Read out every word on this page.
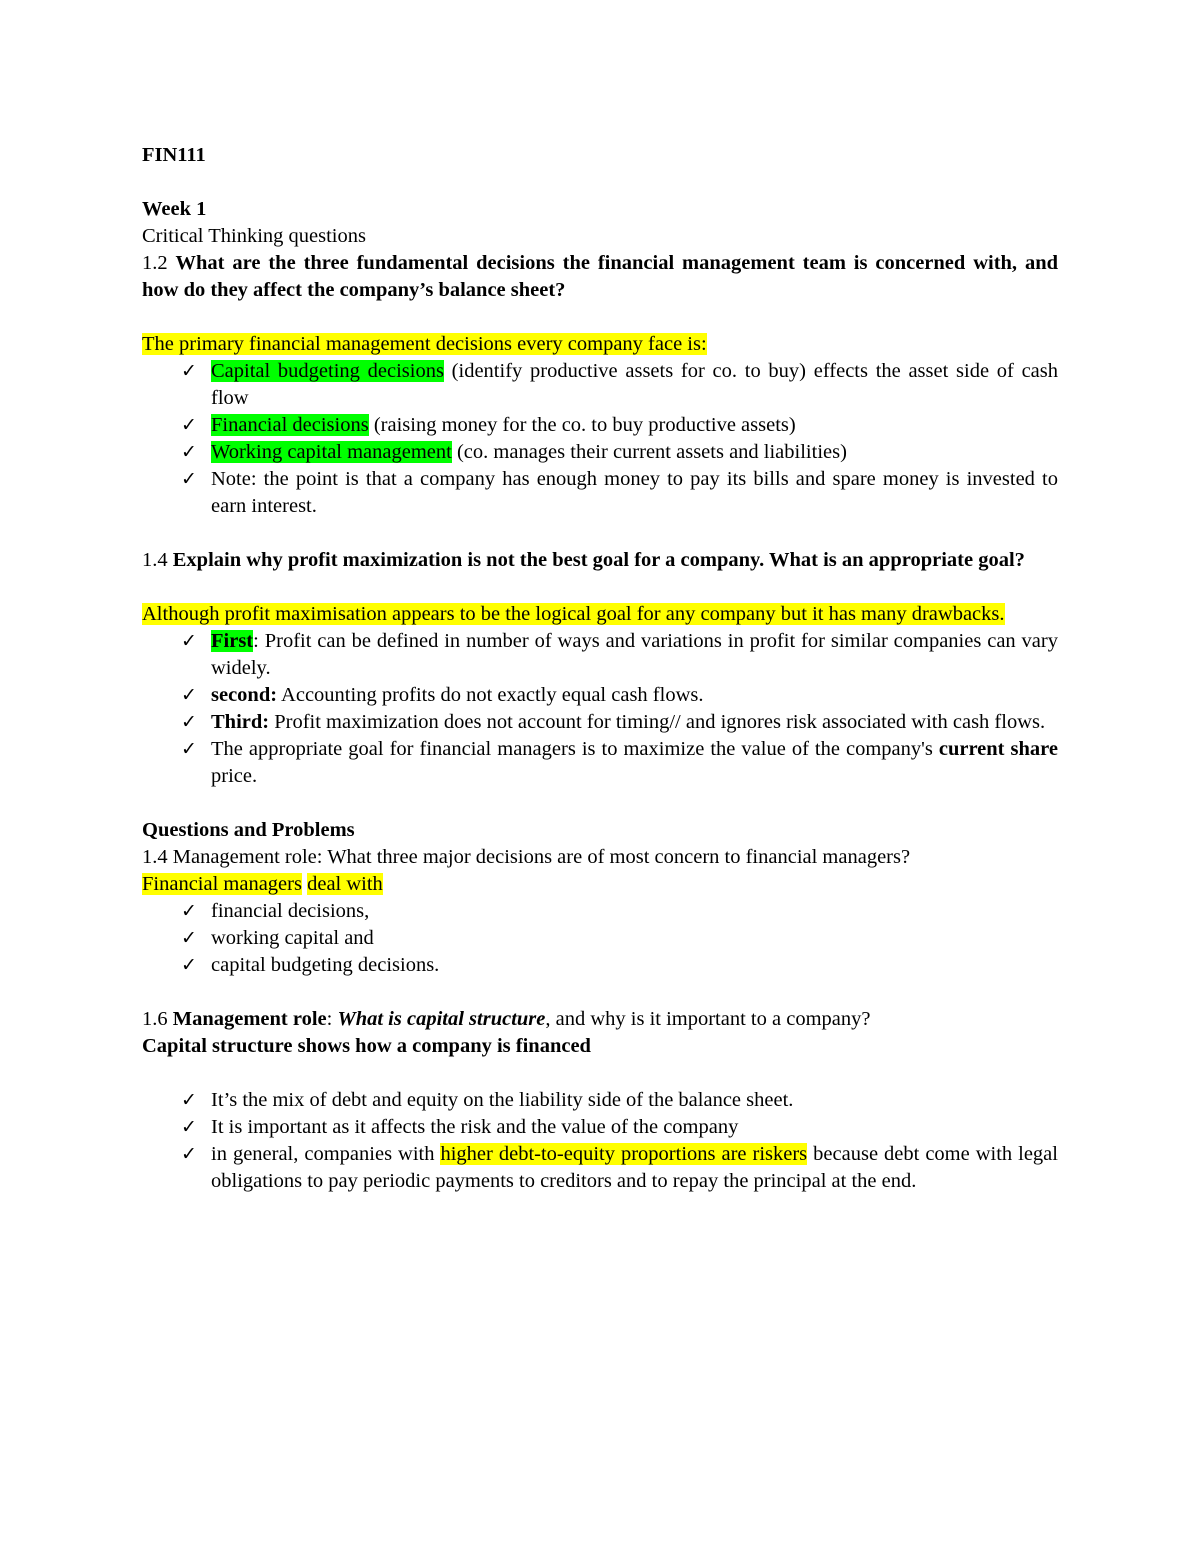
FIN111

Week 1

Critical Thinking questions

1.2 What are the three fundamental decisions the financial management team is concerned with, and how do they affect the company’s balance sheet?

The primary financial management decisions every company face is:

✓ Capital budgeting decisions (identify productive assets for co. to buy) effects the asset side of cash flow
✓ Financial decisions (raising money for the co. to buy productive assets)
✓ Working capital management (co. manages their current assets and liabilities)
✓ Note: the point is that a company has enough money to pay its bills and spare money is invested to earn interest.

1.4 Explain why profit maximization is not the best goal for a company. What is an appropriate goal?

Although profit maximisation appears to be the logical goal for any company but it has many drawbacks.

✓ First: Profit can be defined in number of ways and variations in profit for similar companies can vary widely.
✓ second: Accounting profits do not exactly equal cash flows.
✓ Third: Profit maximization does not account for timing// and ignores risk associated with cash flows.
✓ The appropriate goal for financial managers is to maximize the value of the company's current share price.

Questions and Problems

1.4 Management role: What three major decisions are of most concern to financial managers?

Financial managers deal with

✓ financial decisions,
✓ working capital and
✓ capital budgeting decisions.

1.6 Management role: What is capital structure, and why is it important to a company?

Capital structure shows how a company is financed

✓ It’s the mix of debt and equity on the liability side of the balance sheet.
✓ It is important as it affects the risk and the value of the company
✓ in general, companies with higher debt-to-equity proportions are riskers because debt come with legal obligations to pay periodic payments to creditors and to repay the principal at the end.
